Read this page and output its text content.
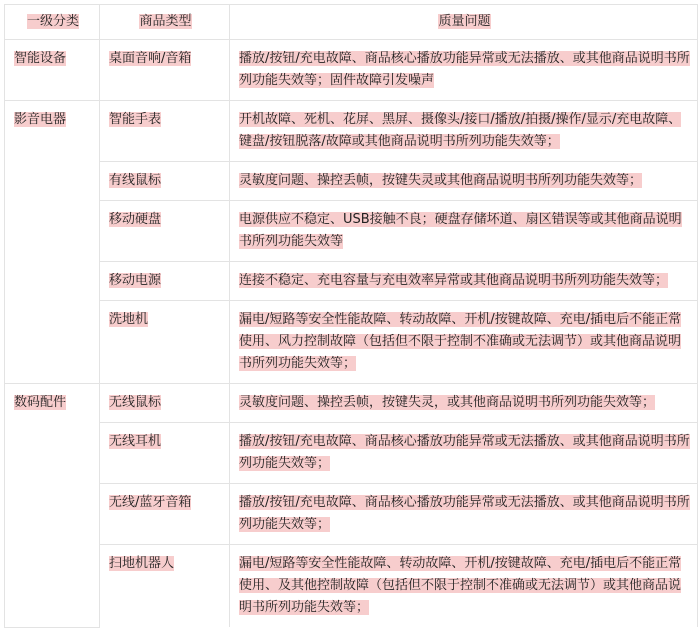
一级分类	商品类型	质量问题
智能设备	桌面音响/音箱	播放/按钮/充电故障、商品核心播放功能异常或无法播放、或其他商品说明书所列功能失效等；固件故障引发噪声
影音电器	智能手表	开机故障、死机、花屏、黑屏、摄像头/接口/播放/拍摄/操作/显示/充电故障、键盘/按钮脱落/故障或其他商品说明书所列功能失效等；
	有线鼠标	灵敏度问题、操控丢帧，按键失灵或其他商品说明书所列功能失效等；
	移动硬盘	电源供应不稳定、USB接触不良；硬盘存储坏道、扇区错误等或其他商品说明书所列功能失效等
	移动电源	连接不稳定、充电容量与充电效率异常或其他商品说明书所列功能失效等；
	洗地机	漏电/短路等安全性能故障、转动故障、开机/按键故障、充电/插电后不能正常使用、风力控制故障（包括但不限于控制不准确或无法调节）或其他商品说明书所列功能失效等；
数码配件	无线鼠标	灵敏度问题、操控丢帧，按键失灵，或其他商品说明书所列功能失效等；
	无线耳机	播放/按钮/充电故障、商品核心播放功能异常或无法播放、或其他商品说明书所列功能失效等；
	无线/蓝牙音箱	播放/按钮/充电故障、商品核心播放功能异常或无法播放、或其他商品说明书所列功能失效等；
	扫地机器人	漏电/短路等安全性能故障、转动故障、开机/按键故障、充电/插电后不能正常使用、及其他控制故障（包括但不限于控制不准确或无法调节）或其他商品说明书所列功能失效等；
